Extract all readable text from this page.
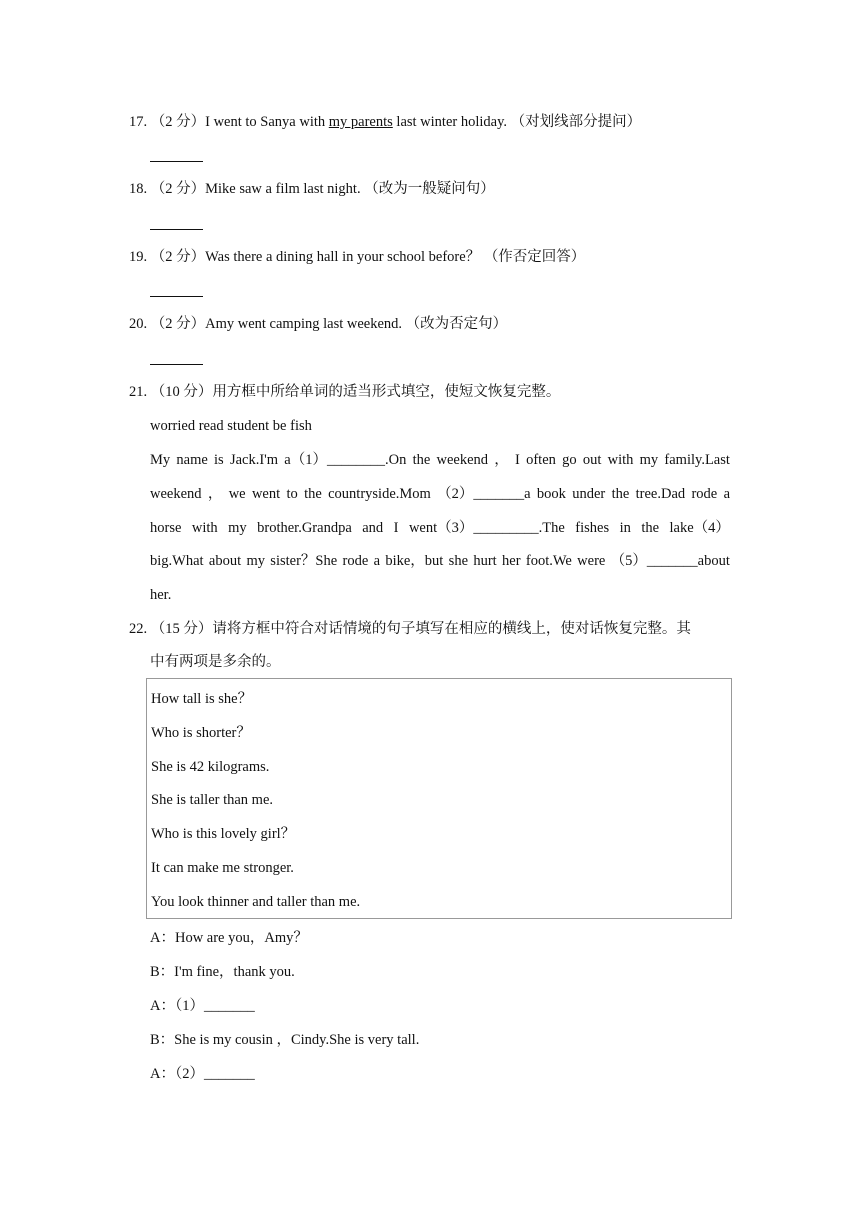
17. （2 分）I went to Sanya with my parents last winter holiday. （对划线部分提问）
18. （2 分）Mike saw a film last night. （改为一般疑问句）
19. （2 分）Was there a dining hall in your school before？ （作否定回答）
20. （2 分）Amy went camping last weekend. （改为否定句）
21. （10 分）用方框中所给单词的适当形式填空，使短文恢复完整。
worried read student be fish
My name is Jack.I'm a（1）________.On the weekend ， I often go out with my family.Last
weekend ， we went to the countryside.Mom （2）_______a book under the tree.Dad rode a
horse with my brother.Grandpa and I went（3）_________.The fishes in the lake（4）
big.What about my sister？She rode a bike，but she hurt her foot.We were （5）_______about
her.
22. （15 分）请将方框中符合对话情境的句子填写在相应的横线上，使对话恢复完整。其
中有两项是多余的。
How tall is she？
Who is shorter？
She is 42 kilograms.
She is taller than me.
Who is this lovely girl？
It can make me stronger.
You look thinner and taller than me.
A：How are you，Amy？
B：I'm fine，thank you.
A：（1）_______
B：She is my cousin ，Cindy.She is very tall.
A：（2）_______
